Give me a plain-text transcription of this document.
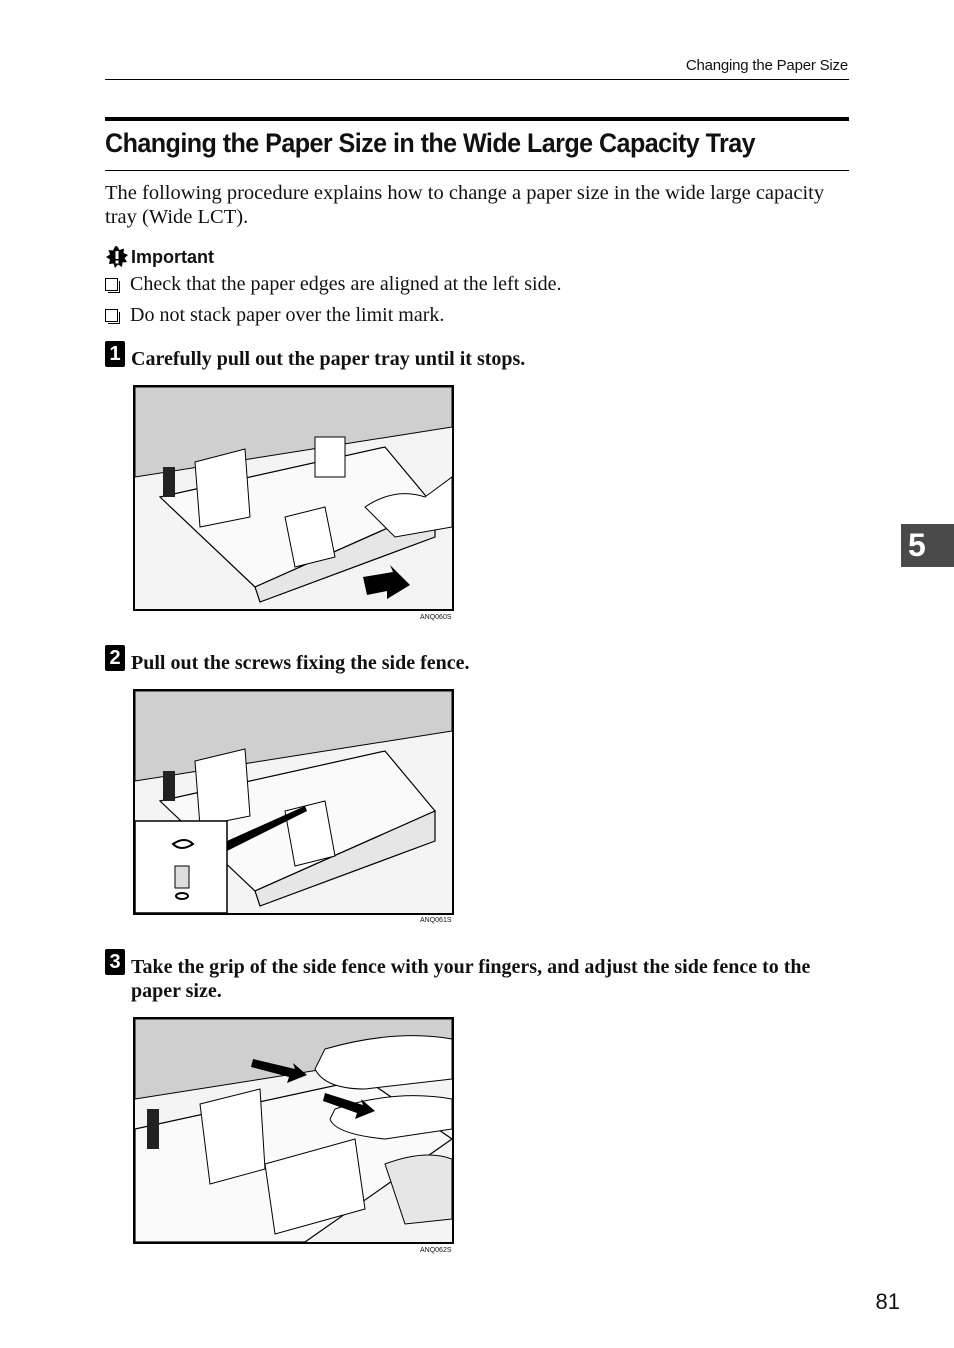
Changing the Paper Size
Changing the Paper Size in the Wide Large Capacity Tray

The following procedure explains how to change a paper size in the wide large capacity tray (Wide LCT).

Important
Check that the paper edges are aligned at the left side.
Do not stack paper over the limit mark.
1 Carefully pull out the paper tray until it stops.
ANQ060S
2 Pull out the screws fixing the side fence.
ANQ061S
3 Take the grip of the side fence with your fingers, and adjust the side fence to the paper size.
ANQ062S
5
81
